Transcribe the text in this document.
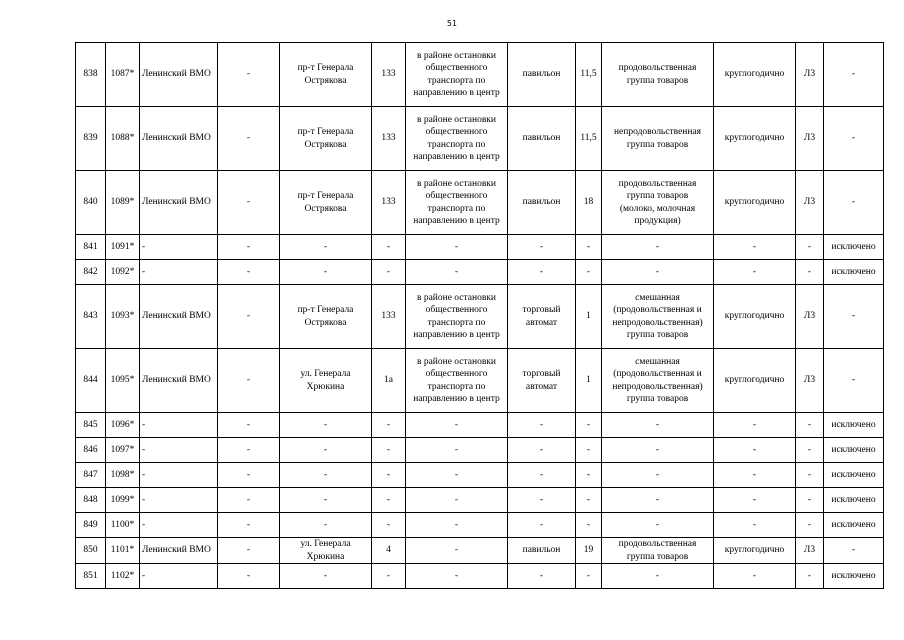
51
838	1087*	Ленинский ВМО	-	пр-т Генерала
Острякова	133	в районе остановки
общественного
транспорта по
направлению в центр	павильон	11,5	продовольственная
группа товаров	круглогодично	Л3	-
839	1088*	Ленинский ВМО	-	пр-т Генерала
Острякова	133	в районе остановки
общественного
транспорта по
направлению в центр	павильон	11,5	непродовольственная
группа товаров	круглогодично	Л3	-
840	1089*	Ленинский ВМО	-	пр-т Генерала
Острякова	133	в районе остановки
общественного
транспорта по
направлению в центр	павильон	18	продовольственная
группа товаров
(молоко, молочная
продукция)	круглогодично	Л3	-
841	1091*	-	-	-	-	-	-	-	-	-	-	исключено
842	1092*	-	-	-	-	-	-	-	-	-	-	исключено
843	1093*	Ленинский ВМО	-	пр-т Генерала
Острякова	133	в районе остановки
общественного
транспорта по
направлению в центр	торговый
автомат	1	смешанная
(продовольственная и
непродовольственная)
группа товаров	круглогодично	Л3	-
844	1095*	Ленинский ВМО	-	ул. Генерала
Хрюкина	1а	в районе остановки
общественного
транспорта по
направлению в центр	торговый
автомат	1	смешанная
(продовольственная и
непродовольственная)
группа товаров	круглогодично	Л3	-
845	1096*	-	-	-	-	-	-	-	-	-	-	исключено
846	1097*	-	-	-	-	-	-	-	-	-	-	исключено
847	1098*	-	-	-	-	-	-	-	-	-	-	исключено
848	1099*	-	-	-	-	-	-	-	-	-	-	исключено
849	1100*	-	-	-	-	-	-	-	-	-	-	исключено
850	1101*	Ленинский ВМО	-	ул. Генерала
Хрюкина	4	-	павильон	19	продовольственная
группа товаров	круглогодично	Л3	-
851	1102*	-	-	-	-	-	-	-	-	-	-	исключено
